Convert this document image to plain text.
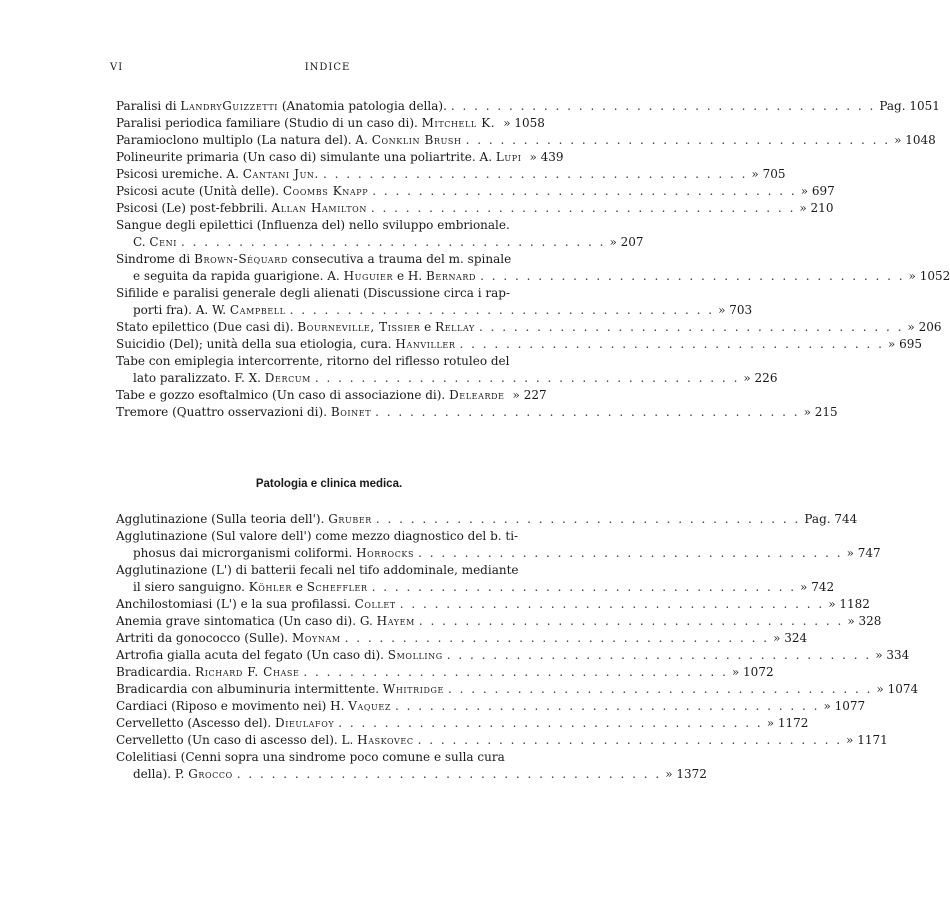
VI	INDICE
Paralisi di LandryGuizzetti (Anatomia patologia della). . . . . . . . . . . . . . . . . . . . . . . . . . . . . . . . . . . . . . Pag. 1051
Paralisi periodica familiare (Studio di un caso di). Mitchell K. » 1058
Paramioclono multiplo (La natura del). A. Conklin Brush . . . . . . . . . . . . . . . . . . . . . . . . . . . . . . . . . . . . . » 1048
Polineurite primaria (Un caso di) simulante una poliartrite. A. Lupi » 439
Psicosi uremiche. A. Cantani Jun. . . . . . . . . . . . . . . . . . . . . . . . . . . . . . . . . . . . . . » 705
Psicosi acute (Unità delle). Coombs Knapp . . . . . . . . . . . . . . . . . . . . . . . . . . . . . . . . . . . . . » 697
Psicosi (Le) post-febbrili. Allan Hamilton . . . . . . . . . . . . . . . . . . . . . . . . . . . . . . . . . . . . . » 210
Sangue degli epilettici (Influenza del) nello sviluppo embrionale.
C. Ceni . . . . . . . . . . . . . . . . . . . . . . . . . . . . . . . . . . . . . » 207
Sindrome di Brown-Séquard consecutiva a trauma del m. spinale
e seguita da rapida guarigione. A. Huguier e H. Bernard . . . . . . . . . . . . . . . . . . . . . . . . . . . . . . . . . . . . . » 1052
Sifilide e paralisi generale degli alienati (Discussione circa i rap-
porti fra). A. W. Campbell . . . . . . . . . . . . . . . . . . . . . . . . . . . . . . . . . . . . . » 703
Stato epilettico (Due casi di). Bourneville, Tissier e Rellay . . . . . . . . . . . . . . . . . . . . . . . . . . . . . . . . . . . . . » 206
Suicidio (Del); unità della sua etiologia, cura. Hanviller . . . . . . . . . . . . . . . . . . . . . . . . . . . . . . . . . . . . . » 695
Tabe con emiplegia intercorrente, ritorno del riflesso rotuleo del
lato paralizzato. F. X. Dercum . . . . . . . . . . . . . . . . . . . . . . . . . . . . . . . . . . . . . » 226
Tabe e gozzo esoftalmico (Un caso di associazione di). Delearde » 227
Tremore (Quattro osservazioni di). Boinet . . . . . . . . . . . . . . . . . . . . . . . . . . . . . . . . . . . . . » 215
Patologia e clinica medica.
Agglutinazione (Sulla teoria dell'). Gruber . . . . . . . . . . . . . . . . . . . . . . . . . . . . . . . . . . . . . Pag. 744
Agglutinazione (Sul valore dell') come mezzo diagnostico del b. ti-
phosus dai microrganismi coliformi. Horrocks . . . . . . . . . . . . . . . . . . . . . . . . . . . . . . . . . . . . . » 747
Agglutinazione (L') di batterii fecali nel tifo addominale, mediante
il siero sanguigno. Köhler e Scheffler . . . . . . . . . . . . . . . . . . . . . . . . . . . . . . . . . . . . . » 742
Anchilostomiasi (L') e la sua profilassi. Collet . . . . . . . . . . . . . . . . . . . . . . . . . . . . . . . . . . . . . » 1182
Anemia grave sintomatica (Un caso di). G. Hayem . . . . . . . . . . . . . . . . . . . . . . . . . . . . . . . . . . . . . » 328
Artriti da gonococco (Sulle). Moynam . . . . . . . . . . . . . . . . . . . . . . . . . . . . . . . . . . . . . » 324
Artrofia gialla acuta del fegato (Un caso di). Smolling . . . . . . . . . . . . . . . . . . . . . . . . . . . . . . . . . . . . . » 334
Bradicardia. Richard F. Chase . . . . . . . . . . . . . . . . . . . . . . . . . . . . . . . . . . . . . » 1072
Bradicardia con albuminuria intermittente. Whitridge . . . . . . . . . . . . . . . . . . . . . . . . . . . . . . . . . . . . . » 1074
Cardiaci (Riposo e movimento nei) H. Vaquez . . . . . . . . . . . . . . . . . . . . . . . . . . . . . . . . . . . . . » 1077
Cervelletto (Ascesso del). Dieulafoy . . . . . . . . . . . . . . . . . . . . . . . . . . . . . . . . . . . . . » 1172
Cervelletto (Un caso di ascesso del). L. Haskovec . . . . . . . . . . . . . . . . . . . . . . . . . . . . . . . . . . . . . » 1171
Colelitiasi (Cenni sopra una sindrome poco comune e sulla cura
della). P. Grocco . . . . . . . . . . . . . . . . . . . . . . . . . . . . . . . . . . . . . » 1372
